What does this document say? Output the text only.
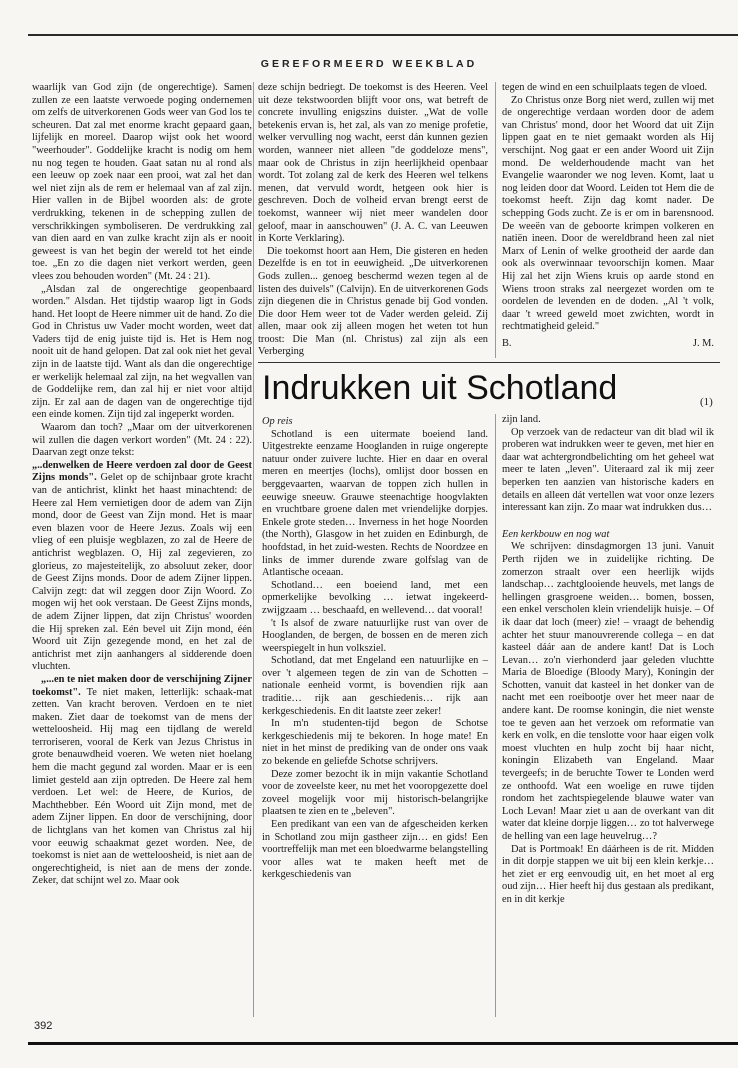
GEREFORMEERD WEEKBLAD

waarlijk van God zijn (de ongerechtige). Samen zullen ze een laatste verwoede poging ondernemen om zelfs de uitverkorenen Gods weer van God los te scheuren. Dat zal met enorme kracht gepaard gaan, lijfelijk en moreel. Daarop wijst ook het woord "weerhouder". Goddelijke kracht is nodig om hem nu nog tegen te houden. Gaat satan nu al rond als een leeuw op zoek naar een prooi, wat zal het dan wel niet zijn als de rem er helemaal van af zal zijn. Hier vallen in de Bijbel woorden als: de grote verdrukking, tekenen in de schepping zullen de verschrikkingen symboliseren. De verdrukking zal van dien aard en van zulke kracht zijn als er nooit geweest is van het begin der wereld tot het einde toe. „En zo die dagen niet verkort werden, geen vlees zou behouden worden" (Mt. 24 : 21).

„Alsdan zal de ongerechtige geopenbaard worden." Alsdan. Het tijdstip waarop ligt in Gods hand. Het loopt de Heere nimmer uit de hand. Zo die God in Christus uw Vader mocht worden, weet dat Vaders tijd de enig juiste tijd is. Het is Hem nog nooit uit de hand gelopen. Dat zal ook niet het geval zijn in de laatste tijd. Want als dan die ongerechtige er werkelijk helemaal zal zijn, na het wegvallen van de Goddelijke rem, dan zal hij er niet voor altijd zijn. Er zal aan de dagen van de ongerechtige tijd een einde komen. Zijn tijd zal ingeperkt worden.

Waarom dan toch? „Maar om der uitverkorenen wil zullen die dagen verkort worden" (Mt. 24 : 22). Daarvan zegt onze tekst:

„..denwelken de Heere verdoen zal door de Geest Zijns monds". Gelet op de schijnbaar grote kracht van de antichrist, klinkt het haast minachtend: de Heere zal Hem vernietigen door de adem van Zijn mond, door de Geest van Zijn mond. Het is maar even blazen voor de Heere Jezus. Zoals wij een vlieg of een pluisje wegblazen, zo zal de Heere de antichrist wegblazen. O, Hij zal zegevieren, zo glorieus, zo majesteitelijk, zo absoluut zeker, door de Geest Zijns monds. Door de adem Zijner lippen. Calvijn zegt: dat wil zeggen door Zijn Woord. Zo mogen wij het ook verstaan. De Geest Zijns monds, de adem Zijner lippen, dat zijn Christus' woorden die Hij spreken zal. Eén bevel uit Zijn mond, één Woord uit Zijn gezegende mond, en het zal de antichrist met zijn aanhangers al sidderende doen vluchten.

„...en te niet maken door de verschijning Zijner toekomst". Te niet maken, letterlijk: schaak-mat zetten. Van kracht beroven. Verdoen en te niet maken. Ziet daar de toekomst van de mens der wetteloosheid. Hij mag een tijdlang de wereld terroriseren, vooral de Kerk van Jezus Christus in grote benauwdheid voeren. We weten niet hoelang hem die macht gegund zal worden. Maar er is een limiet gesteld aan zijn optreden. De Heere zal hem verdoen. Let wel: de Heere, de Kurios, de Machthebber. Eén Woord uit Zijn mond, met de adem Zijner lippen. En door de verschijning, door de lichtglans van het komen van Christus zal hij voor eeuwig schaakmat gezet worden. Nee, de toekomst is niet aan de wetteloosheid, is niet aan de ongerechtigheid, is niet aan de mens der zonde. Zeker, dat schijnt wel zo. Maar ook

deze schijn bedriegt. De toekomst is des Heeren. Veel uit deze tekstwoorden blijft voor ons, wat betreft de concrete invulling enigszins duister. „Wat de volle betekenis ervan is, het zal, als van zo menige profetie, welker vervulling nog wacht, eerst dán kunnen gezien worden, wanneer niet alleen "de goddeloze mens", maar ook de Christus in zijn heerlijkheid openbaar wordt. Tot zolang zal de kerk des Heeren wel telkens menen, dat vervuld wordt, hetgeen ook hier is geschreven. Doch de volheid ervan brengt eerst de toekomst, wanneer wij niet meer wandelen door geloof, maar in aanschouwen" (J. A. C. van Leeuwen in Korte Verklaring).

Die toekomst hoort aan Hem, Die gisteren en heden Dezelfde is en tot in eeuwigheid. „De uitverkorenen Gods zullen... genoeg beschermd wezen tegen al de listen des duivels" (Calvijn). En de uitverkorenen Gods zijn diegenen die in Christus genade bij God vonden. Die door Hem weer tot de Vader werden geleid. Zij allen, maar ook zij alleen mogen het weten tot hun troost: Die Man (nl. Christus) zal zijn als een Verberging

tegen de wind en een schuilplaats tegen de vloed.

Zo Christus onze Borg niet werd, zullen wij met de ongerechtige verdaan worden door de adem van Christus' mond, door het Woord dat uit Zijn lippen gaat en te niet gemaakt worden als Hij verschijnt. Nog gaat er een ander Woord uit Zijn mond. De welderhoudende macht van het Evangelie waaronder we nog leven. Komt, laat u nog leiden door dat Woord. Leiden tot Hem die de toekomst heeft. Zijn dag komt nader. De schepping Gods zucht. Ze is er om in barensnood. De weeën van de geboorte krimpen volkeren en natiën ineen. Door de wereldbrand heen zal niet Marx of Lenin of welke grootheid der aarde dan ook als overwinnaar tevoorschijn komen. Maar Hij zal het zijn Wiens kruis op aarde stond en Wiens troon straks zal neergezet worden om te oordelen de levenden en de doden. „Al 't volk, daar 't wreed geweld moet zwichten, wordt in rechtmatigheid geleid."

B.	J. M.
Indrukken uit Schotland	(1)
Op reis

Schotland is een uitermate boeiend land. Uitgestrekte eenzame Hooglanden in ruige ongerepte natuur onder zuivere luchte. Hier en daar en overal meren en meertjes (lochs), omlijst door bossen en berggevaarten, waarvan de toppen zich hullen in eeuwige sneeuw. Grauwe steenachtige hoogvlakten en vruchtbare groene dalen met vriendelijke dorpjes. Enkele grote steden… Inverness in het hoge Noorden (the North), Glasgow in het zuiden en Edinburgh, de hoofdstad, in het zuid-westen. Rechts de Noordzee en links de immer durende zware golfslag van de Atlantische oceaan.

Schotland… een boeiend land, met een opmerkelijke bevolking … ietwat ingekeerd-zwijgzaam … beschaafd, en wellevend… dat vooral!

't Is alsof de zware natuurlijke rust van over de Hooglanden, de bergen, de bossen en de meren zich weerspiegelt in hun volksziel.

Schotland, dat met Engeland een natuurlijke en – over 't algemeen tegen de zin van de Schotten – nationale eenheid vormt, is bovendien rijk aan traditie… rijk aan geschiedenis… rijk aan kerkgeschiedenis. En dit laatste zeer zeker!

In m'n studenten-tijd begon de Schotse kerkgeschiedenis mij te bekoren. In hoge mate! En niet in het minst de prediking van de onder ons vaak zo bekende en geliefde Schotse schrijvers.

Deze zomer bezocht ik in mijn vakantie Schotland voor de zoveelste keer, nu met het vooropgezette doel zoveel mogelijk voor mij historisch-belangrijke plaatsen te zien en te „beleven".

Een predikant van een van de afgescheiden kerken in Schotland zou mijn gastheer zijn… en gids! Een voortreffelijk man met een bloedwarme belangstelling voor alles wat te maken heeft met de kerkgeschiedenis van

zijn land.

Op verzoek van de redacteur van dit blad wil ik proberen wat indrukken weer te geven, met hier en daar wat achtergrondbelichting om het geheel wat meer te laten „leven". Uiteraard zal ik mij zeer beperken ten aanzien van historische kaders en details en alleen dát vertellen wat voor onze lezers interessant kan zijn. Zo maar wat indrukken dus…

Een kerkbouw en nog wat

We schrijven: dinsdagmorgen 13 juni. Vanuit Perth rijden we in zuidelijke richting. De zomerzon straalt over een heerlijk wijds landschap… zachtglooiende heuvels, met langs de hellingen grasgroene weiden… bomen, bossen, een enkel verscholen klein vriendelijk huisje. – Of ik daar dat loch (meer) zie! – vraagt de behendig achter het stuur manouvrerende collega – en dat kasteel dáár aan de andere kant! Dat is Loch Levan… zo'n vierhonderd jaar geleden vluchtte Maria de Bloedige (Bloody Mary), Koningin der Schotten, vanuit dat kasteel in het donker van de nacht met een roeibootje over het meer naar de andere kant. De roomse koningin, die niet wenste toe te geven aan het verzoek om reformatie van kerk en volk, en die tenslotte voor haar eigen volk moest vluchten en hulp zocht bij haar nicht, koningin Elizabeth van Engeland. Maar tevergeefs; in de beruchte Tower te Londen werd ze onthoofd. Wat een woelige en ruwe tijden rondom het zachtspiegelende blauwe water van Loch Levan! Maar ziet u aan de overkant van dit water dat kleine dorpje liggen… zo tot halverwege de helling van een lage heuvelrug…?

Dat is Portmoak! En dáárheen is de rit. Midden in dit dorpje stappen we uit bij een klein kerkje… het ziet er erg eenvoudig uit, en het moet al erg oud zijn… Hier heeft hij dus gestaan als predikant, en in dit kerkje

392
